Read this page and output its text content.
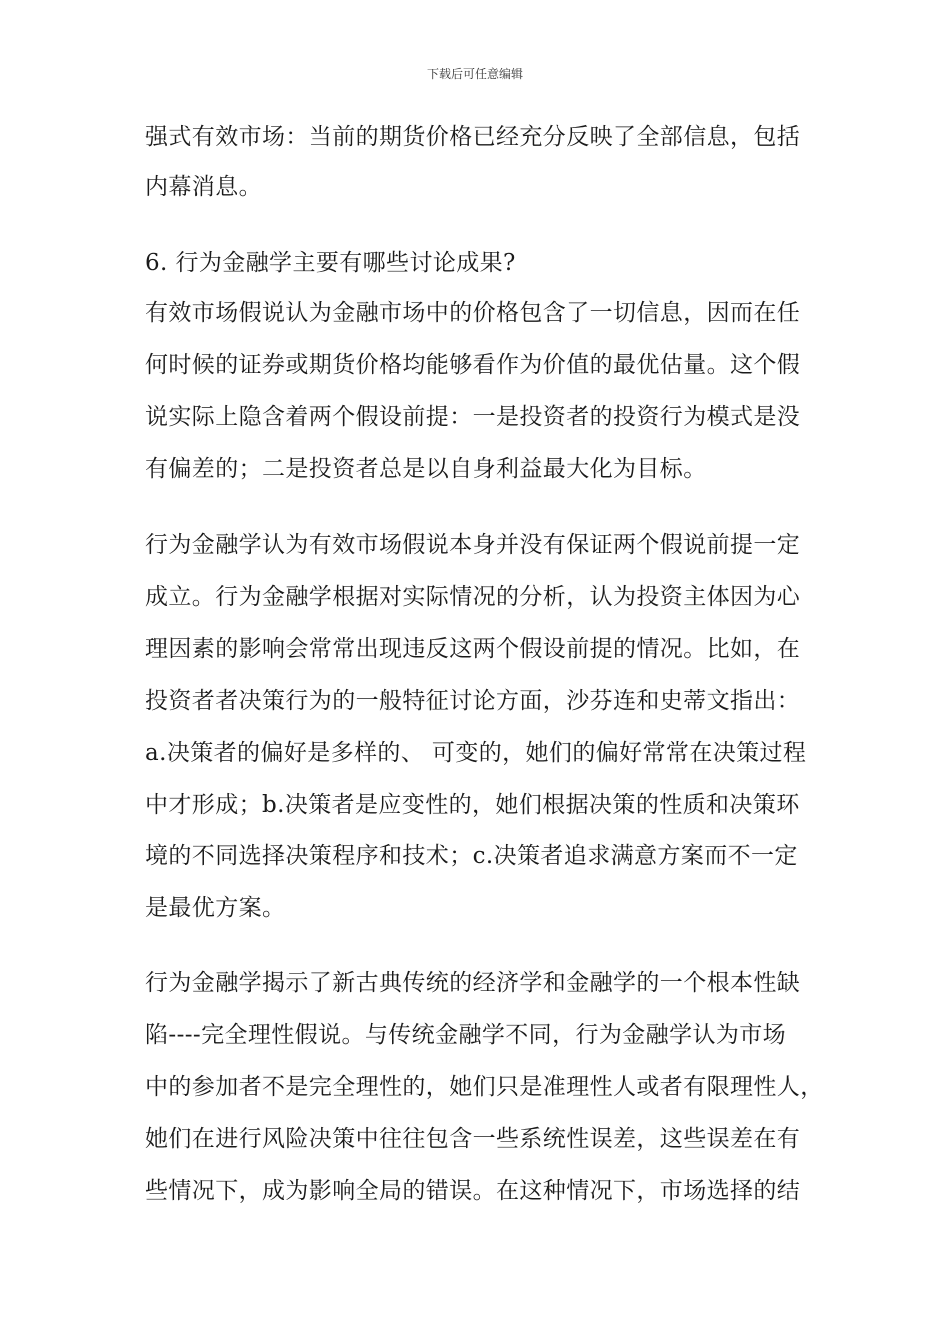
下载后可任意编辑
强式有效市场：当前的期货价格已经充分反映了全部信息，包括
内幕消息。
6. 行为金融学主要有哪些讨论成果?
有效市场假说认为金融市场中的价格包含了一切信息，因而在任
何时候的证券或期货价格均能够看作为价值的最优估量。这个假
说实际上隐含着两个假设前提：一是投资者的投资行为模式是没
有偏差的；二是投资者总是以自身利益最大化为目标。
行为金融学认为有效市场假说本身并没有保证两个假说前提一定
成立。行为金融学根据对实际情况的分析，认为投资主体因为心
理因素的影响会常常出现违反这两个假设前提的情况。比如，在
投资者者决策行为的一般特征讨论方面，沙芬连和史蒂文指出：
a.决策者的偏好是多样的、 可变的，她们的偏好常常在决策过程
中才形成；b.决策者是应变性的，她们根据决策的性质和决策环
境的不同选择决策程序和技术；c.决策者追求满意方案而不一定
是最优方案。
行为金融学揭示了新古典传统的经济学和金融学的一个根本性缺
陷----完全理性假说。与传统金融学不同，行为金融学认为市场
中的参加者不是完全理性的，她们只是准理性人或者有限理性人，
她们在进行风险决策中往往包含一些系统性误差，这些误差在有
些情况下，成为影响全局的错误。在这种情况下，市场选择的结
